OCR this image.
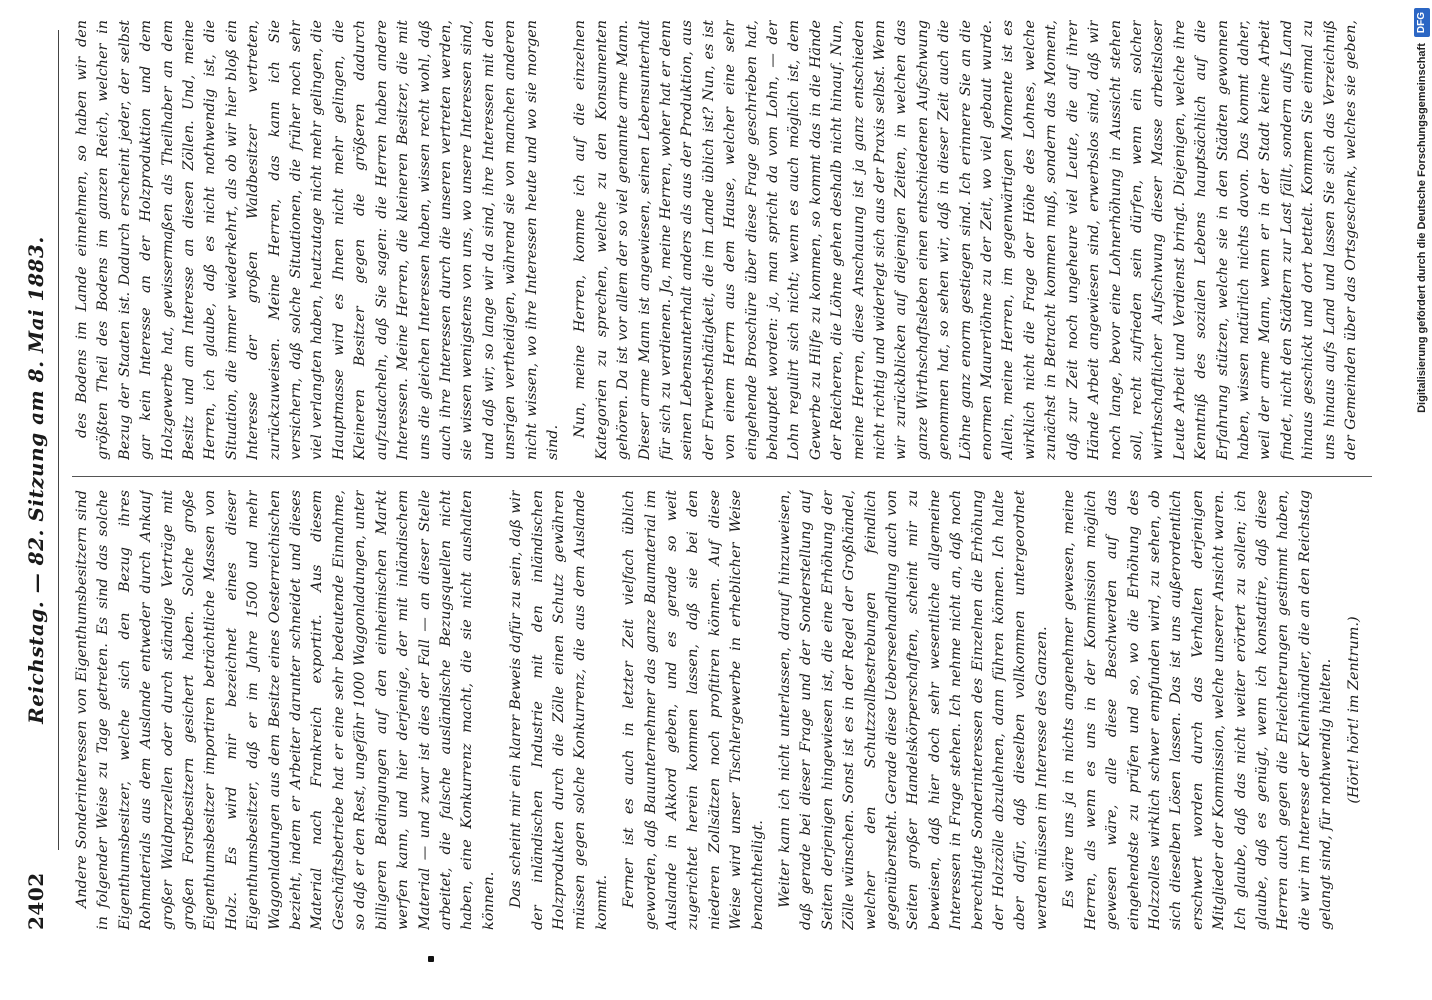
2402
Reichstag. — 82. Sitzung am 8. Mai 1883. Andere Sonderinteressen von Eigenthumsbesitzern sind in folgender Weise zu Tage getreten. Es sind das solche Eigenthumsbesitzer, welche sich den Bezug ihres Rohmaterials aus dem Auslande entweder durch Ankauf großer Waldparzellen oder durch ständige Verträge mit großen Forstbesitzern gesichert haben. Solche große Eigenthumsbesitzer importiren beträchtliche Massen von Holz. Es wird mir bezeichnet eines dieser Eigenthumsbesitzer, daß er im Jahre 1500 und mehr Waggonladungen aus dem Besitze eines Oesterreichischen bezieht, indem er Arbeiter darunter schneidet und dieses Material nach Frankreich exportirt. Aus diesem Geschäftsbetriebe hat er eine sehr bedeutende Einnahme, so daß er den Rest, ungefähr 1000 Waggonladungen, unter billigeren Bedingungen auf den einheimischen Markt werfen kann, und hier derjenige, der mit inländischem Material — und zwar ist dies der Fall — an dieser Stelle arbeitet, die falsche ausländische Bezugsquellen nicht haben, eine Konkurrenz macht, die sie nicht aushalten können. Das scheint mir ein klarer Beweis dafür zu sein, daß wir der inländischen Industrie mit den inländischen Holzprodukten durch die Zölle einen Schutz gewähren müssen gegen solche Konkurrenz, die aus dem Auslande kommt. Ferner ist es auch in letzter Zeit vielfach üblich geworden, daß Bauunternehmer das ganze Baumaterial im Auslande in Akkord geben, und es gerade so weit zugerichtet herein kommen lassen, daß sie bei den niederen Zollsätzen noch profitiren können. Auf diese Weise wird unser Tischlergewerbe in erheblicher Weise benachtheiligt. Weiter kann ich nicht unterlassen, darauf hinzuweisen, daß gerade bei dieser Frage und der Sonderstellung auf Seiten derjenigen hingewiesen ist, die eine Erhöhung der Zölle wünschen. Sonst ist es in der Regel der Großhändel, welcher den Schutzzollbestrebungen feindlich gegenübersteht. Gerade diese Ueberseehandlung auch von Seiten großer Handelskörperschaften, scheint mir zu beweisen, daß hier doch sehr wesentliche allgemeine Interessen in Frage stehen. Ich nehme nicht an, daß noch berechtigte Sonderinteressen des Einzelnen die Erhöhung der Holzzölle abzulehnen, dann führen können. Ich halte aber dafür, daß dieselben vollkommen untergeordnet werden müssen im Interesse des Ganzen. Es wäre uns ja in nichts angenehmer gewesen, meine Herren, als wenn es uns in der Kommission möglich gewesen wäre, alle diese Beschwerden auf das eingehendste zu prüfen und so, wo die Erhöhung des Holzzolles wirklich schwer empfunden wird, zu sehen, ob sich dieselben Lösen lassen. Das ist uns außerordentlich erschwert worden durch das Verhalten derjenigen Mitglieder der Kommission, welche unserer Ansicht waren. Ich glaube, daß das nicht weiter erörtert zu sollen; ich glaube, daß es genügt, wenn ich konstatire, daß diese Herren auch gegen die Erleichterungen gestimmt haben, die wir im Interesse der Kleinhändler, die an den Reichstag gelangt sind, für nothwendig hielten. (Hört! hört! im Zentrum.)

des Bodens im Lande einnehmen, so haben wir den größten Theil des Bodens im ganzen Reich, welcher in Bezug der Staaten ist. Dadurch erscheint jeder, der selbst gar kein Interesse an der Holzproduktion und dem Holzgewerbe hat, gewissermaßen als Theilhaber an dem Besitz und am Interesse an diesen Zöllen. Und, meine Herren, ich glaube, daß es nicht nothwendig ist, die Situation, die immer wiederkehrt, als ob wir hier bloß ein Interesse der großen Waldbesitzer vertreten, zurückzuweisen. Meine Herren, das kann ich Sie versichern, daß solche Situationen, die früher noch sehr viel verlangten haben, heutzutage nicht mehr gelingen, die Hauptmasse wird es Ihnen nicht mehr gelingen, die Kleineren Besitzer gegen die größeren dadurch aufzustacheln, daß Sie sagen: die Herren haben andere Interessen. Meine Herren, die kleineren Besitzer, die mit uns die gleichen Interessen haben, wissen recht wohl, daß auch ihre Interessen durch die unseren vertreten werden, sie wissen wenigstens von uns, wo unsere Interessen sind, und daß wir, so lange wir da sind, ihre Interessen mit den unsrigen vertheidigen, während sie von manchen anderen nicht wissen, wo ihre Interessen heute und wo sie morgen sind.

Nun, meine Herren, komme ich auf die einzelnen Kategorien zu sprechen, welche zu den Konsumenten gehören. Da ist vor allem der so viel genannte arme Mann. Dieser arme Mann ist angewiesen, seinen Lebensunterhalt für sich zu verdienen. Ja, meine Herren, woher hat er denn seinen Lebensunterhalt anders als aus der Produktion, aus der Erwerbsthätigkeit, die im Lande üblich ist? Nun, es ist von einem Herrn aus dem Hause, welcher eine sehr eingehende Broschüre über diese Frage geschrieben hat, behauptet worden: ja, man spricht da vom Lohn, — der Lohn regulirt sich nicht; wenn es auch möglich ist, dem Gewerbe zu Hilfe zu kommen, so kommt das in die Hände der Reicheren, die Löhne gehen deshalb nicht hinauf. Nun, meine Herren, diese Anschauung ist ja ganz entschieden nicht richtig und widerlegt sich aus der Praxis selbst. Wenn wir zurückblicken auf diejenigen Zeiten, in welchen das ganze Wirthschaftsleben einen entschiedenen Aufschwung genommen hat, so sehen wir, daß in dieser Zeit auch die Löhne ganz enorm gestiegen sind. Ich erinnere Sie an die enormen Maurerlöhne zu der Zeit, wo viel gebaut wurde. Allein, meine Herren, im gegenwärtigen Momente ist es wirklich nicht die Frage der Höhe des Lohnes, welche zunächst in Betracht kommen muß, sondern das Moment, daß zur Zeit noch ungeheure viel Leute, die auf ihrer Hände Arbeit angewiesen sind, erwerbslos sind, daß wir noch lange, bevor eine Lohnerhöhung in Aussicht stehen soll, recht zufrieden sein dürfen, wenn ein solcher wirthschaftlicher Aufschwung dieser Masse arbeitsloser Leute Arbeit und Verdienst bringt. Diejenigen, welche ihre Kenntniß des sozialen Lebens hauptsächlich auf die Erfahrung stützen, welche sie in den Städten gewonnen haben, wissen natürlich nichts davon. Das kommt daher, weil der arme Mann, wenn er in der Stadt keine Arbeit findet, nicht den Städtern zur Last fällt, sondern aufs Land hinaus geschickt und dort bettelt. Kommen Sie einmal zu uns hinaus aufs Land und lassen Sie sich das Verzeichniß der Gemeinden über das Ortsgeschenk, welches sie geben,	Digitalisierung gefördert durch die Deutsche Forschungsgemeinschaft
DFG
